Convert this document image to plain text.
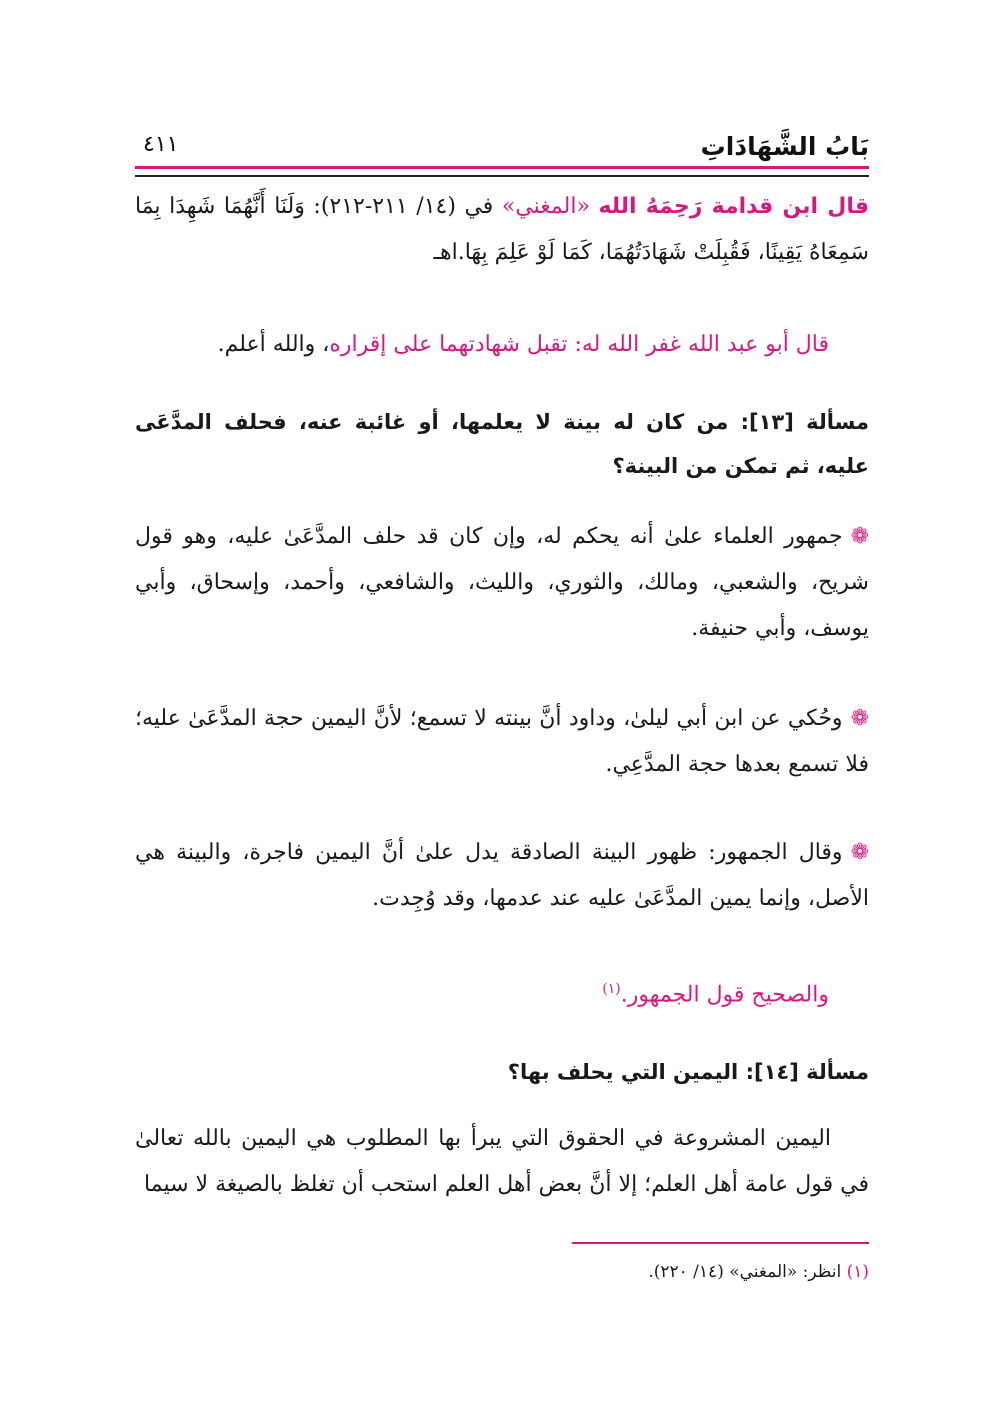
بَابُ الشَّهَادَاتِ
٤١١

قال ابن قدامة رَحِمَهُ الله «المغني» في (١٤/ ٢١١-٢١٢): وَلَنَا أَنَّهُمَا شَهِدَا بِمَا سَمِعَاهُ يَقِينًا، فَقُبِلَتْ شَهَادَتُهُمَا، كَمَا لَوْ عَلِمَ بِهَا.اهـ

قال أبو عبد الله غفر الله له: تقبل شهادتهما على إقراره، والله أعلم.

مسألة [١٣]: من كان له بينة لا يعلمها، أو غائبة عنه، فحلف المدَّعَى عليه، ثم تمكن من البينة؟

❁جمهور العلماء علىٰ أنه يحكم له، وإن كان قد حلف المدَّعَىٰ عليه، وهو قول شريح، والشعبي، ومالك، والثوري، والليث، والشافعي، وأحمد، وإسحاق، وأبي يوسف، وأبي حنيفة.

❁وحُكي عن ابن أبي ليلىٰ، وداود أنَّ بينته لا تسمع؛ لأنَّ اليمين حجة المدَّعَىٰ عليه؛ فلا تسمع بعدها حجة المدَّعِي.

❁وقال الجمهور: ظهور البينة الصادقة يدل علىٰ أنَّ اليمين فاجرة، والبينة هي الأصل، وإنما يمين المدَّعَىٰ عليه عند عدمها، وقد وُجِدت.

والصحيح قول الجمهور.$^{(١)}$

مسألة [١٤]: اليمين التي يحلف بها؟

اليمين المشروعة في الحقوق التي يبرأ بها المطلوب هي اليمين بالله تعالىٰ في قول عامة أهل العلم؛ إلا أنَّ بعض أهل العلم استحب أن تغلظ بالصيغة لا سيما

(١) انظر: «المغني» (١٤/ ٢٢٠).
